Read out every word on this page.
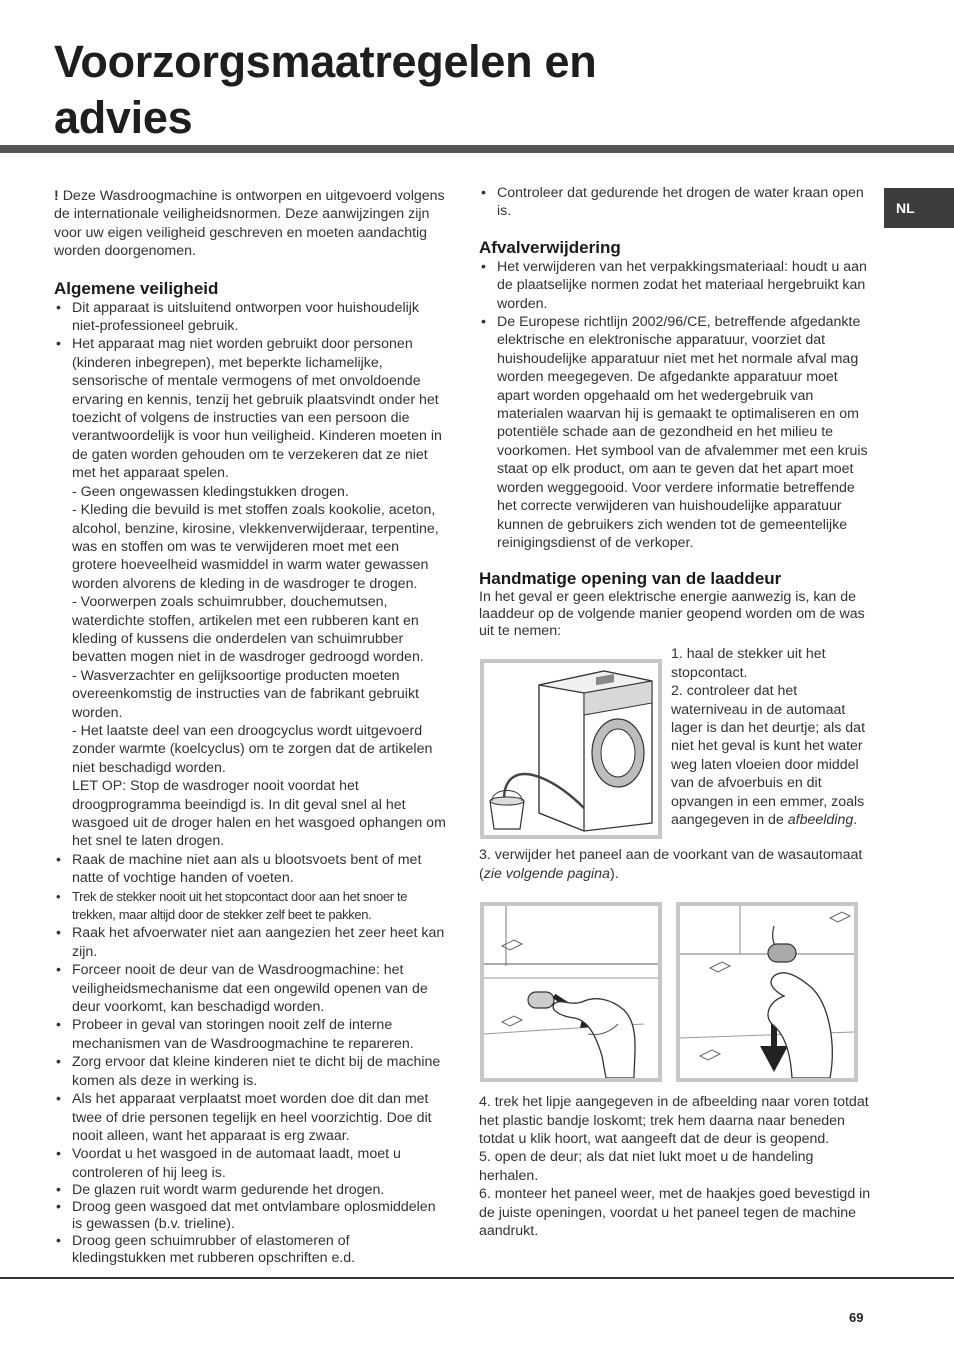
Voorzorgsmaatregelen en
advies
NL

! Deze Wasdroogmachine is ontworpen en uitgevoerd volgens de internationale veiligheidsnormen. Deze aanwijzingen zijn voor uw eigen veiligheid geschreven en moeten aandachtig worden doorgenomen.

Algemene veiligheid
• Dit apparaat is uitsluitend ontworpen voor huishoudelijk niet-professioneel gebruik.
• Het apparaat mag niet worden gebruikt door personen (kinderen inbegrepen), met beperkte lichamelijke, sensorische of mentale vermogens of met onvoldoende ervaring en kennis, tenzij het gebruik plaatsvindt onder het toezicht of volgens de instructies van een persoon die verantwoordelijk is voor hun veiligheid. Kinderen moeten in de gaten worden gehouden om te verzekeren dat ze niet met het apparaat spelen.
- Geen ongewassen kledingstukken drogen.
- Kleding die bevuild is met stoffen zoals kookolie, aceton, alcohol, benzine, kirosine, vlekkenverwijderaar, terpentine, was en stoffen om was te verwijderen moet met een grotere hoeveelheid wasmiddel in warm water gewassen worden alvorens de kleding in de wasdroger te drogen.
- Voorwerpen zoals schuimrubber, douchemutsen, waterdichte stoffen, artikelen met een rubberen kant en kleding of kussens die onderdelen van schuimrubber bevatten mogen niet in de wasdroger gedroogd worden.
- Wasverzachter en gelijksoortige producten moeten overeenkomstig de instructies van de fabrikant gebruikt worden.
- Het laatste deel van een droogcyclus wordt uitgevoerd zonder warmte (koelcyclus) om te zorgen dat de artikelen niet beschadigd worden.
LET OP: Stop de wasdroger nooit voordat het droogprogramma beeindigd is. In dit geval snel al het wasgoed uit de droger halen en het wasgoed ophangen om het snel te laten drogen.
• Raak de machine niet aan als u blootsvoets bent of met natte of vochtige handen of voeten.
• Trek de stekker nooit uit het stopcontact door aan het snoer te trekken, maar altijd door de stekker zelf beet te pakken.
• Raak het afvoerwater niet aan aangezien het zeer heet kan zijn.
• Forceer nooit de deur van de Wasdroogmachine: het veiligheidsmechanisme dat een ongewild openen van de deur voorkomt, kan beschadigd worden.
• Probeer in geval van storingen nooit zelf de interne mechanismen van de Wasdroogmachine te repareren.
• Zorg ervoor dat kleine kinderen niet te dicht bij de machine komen als deze in werking is.
• Als het apparaat verplaatst moet worden doe dit dan met twee of drie personen tegelijk en heel voorzichtig. Doe dit nooit alleen, want het apparaat is erg zwaar.
• Voordat u het wasgoed in de automaat laadt, moet u controleren of hij leeg is.
• De glazen ruit wordt warm gedurende het drogen.
• Droog geen wasgoed dat met ontvlambare oplosmiddelen is gewassen (b.v. trieline).
• Droog geen schuimrubber of elastomeren of kledingstukken met rubberen opschriften e.d.
• Controleer dat gedurende het drogen de water kraan open is.
Afvalverwijdering
• Het verwijderen van het verpakkingsmateriaal: houdt u aan de plaatselijke normen zodat het materiaal hergebruikt kan worden.
• De Europese richtlijn 2002/96/CE, betreffende afgedankte elektrische en elektronische apparatuur, voorziet dat huishoudelijke apparatuur niet met het normale afval mag worden meegegeven. De afgedankte apparatuur moet apart worden opgehaald om het wedergebruik van materialen waarvan hij is gemaakt te optimaliseren en om potentiële schade aan de gezondheid en het milieu te voorkomen. Het symbool van de afvalemmer met een kruis staat op elk product, om aan te geven dat het apart moet worden weggegooid. Voor verdere informatie betreffende het correcte verwijderen van huishoudelijke apparatuur kunnen de gebruikers zich wenden tot de gemeentelijke reinigingsdienst of de verkoper.
Handmatige opening van de laaddeur

In het geval er geen elektrische energie aanwezig is, kan de laaddeur op de volgende manier geopend worden om de was uit te nemen:

1. haal de stekker uit het stopcontact.

2. controleer dat het waterniveau in de automaat lager is dan het deurtje; als dat niet het geval is kunt het water weg laten vloeien door middel van de afvoerbuis en dit opvangen in een emmer, zoals aangegeven in de afbeelding.

3. verwijder het paneel aan de voorkant van de wasautomaat (zie volgende pagina).

4. trek het lipje aangegeven in de afbeelding naar voren totdat het plastic bandje loskomt; trek hem daarna naar beneden totdat u klik hoort, wat aangeeft dat de deur is geopend.

5. open de deur; als dat niet lukt moet u de handeling herhalen.

6. monteer het paneel weer, met de haakjes goed bevestigd in de juiste openingen, voordat u het paneel tegen de machine aandrukt.

69
